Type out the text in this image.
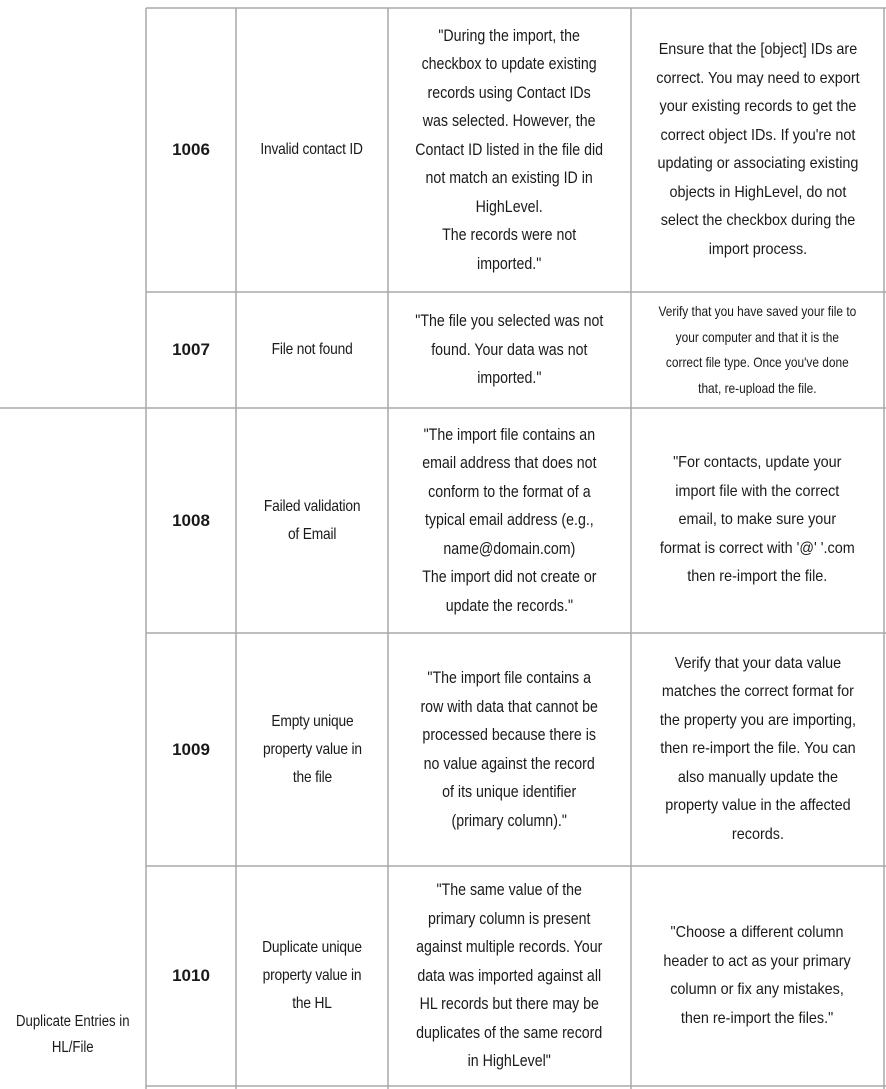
Duplicate Entries in
HL/File
1006	Invalid contact ID
"During the import, the
checkbox to update existing
records using Contact IDs
was selected. However, the
Contact ID listed in the file did
not match an existing ID in
HighLevel.
The records were not
imported."
Ensure that the [object] IDs are
correct. You may need to export
your existing records to get the
correct object IDs. If you're not
updating or associating existing
objects in HighLevel, do not
select the checkbox during the
import process.
1007	File not found
"The file you selected was not
found. Your data was not
imported."
Verify that you have saved your file to
your computer and that it is the
correct file type. Once you've done
that, re-upload the file.
1008
Failed validation
of Email
"The import file contains an
email address that does not
conform to the format of a
typical email address (e.g.,
name@domain.com)
The import did not create or
update the records."
"For contacts, update your
import file with the correct
email, to make sure your
format is correct with '@' '.com
then re-import the file.
1009
Empty unique
property value in
the file
"The import file contains a
row with data that cannot be
processed because there is
no value against the record
of its unique identifier
(primary column)."
Verify that your data value
matches the correct format for
the property you are importing,
then re-import the file. You can
also manually update the
property value in the affected
records.
1010
Duplicate unique
property value in
the HL
"The same value of the
primary column is present
against multiple records. Your
data was imported against all
HL records but there may be
duplicates of the same record
in HighLevel"
"Choose a different column
header to act as your primary
column or fix any mistakes,
then re-import the files."
